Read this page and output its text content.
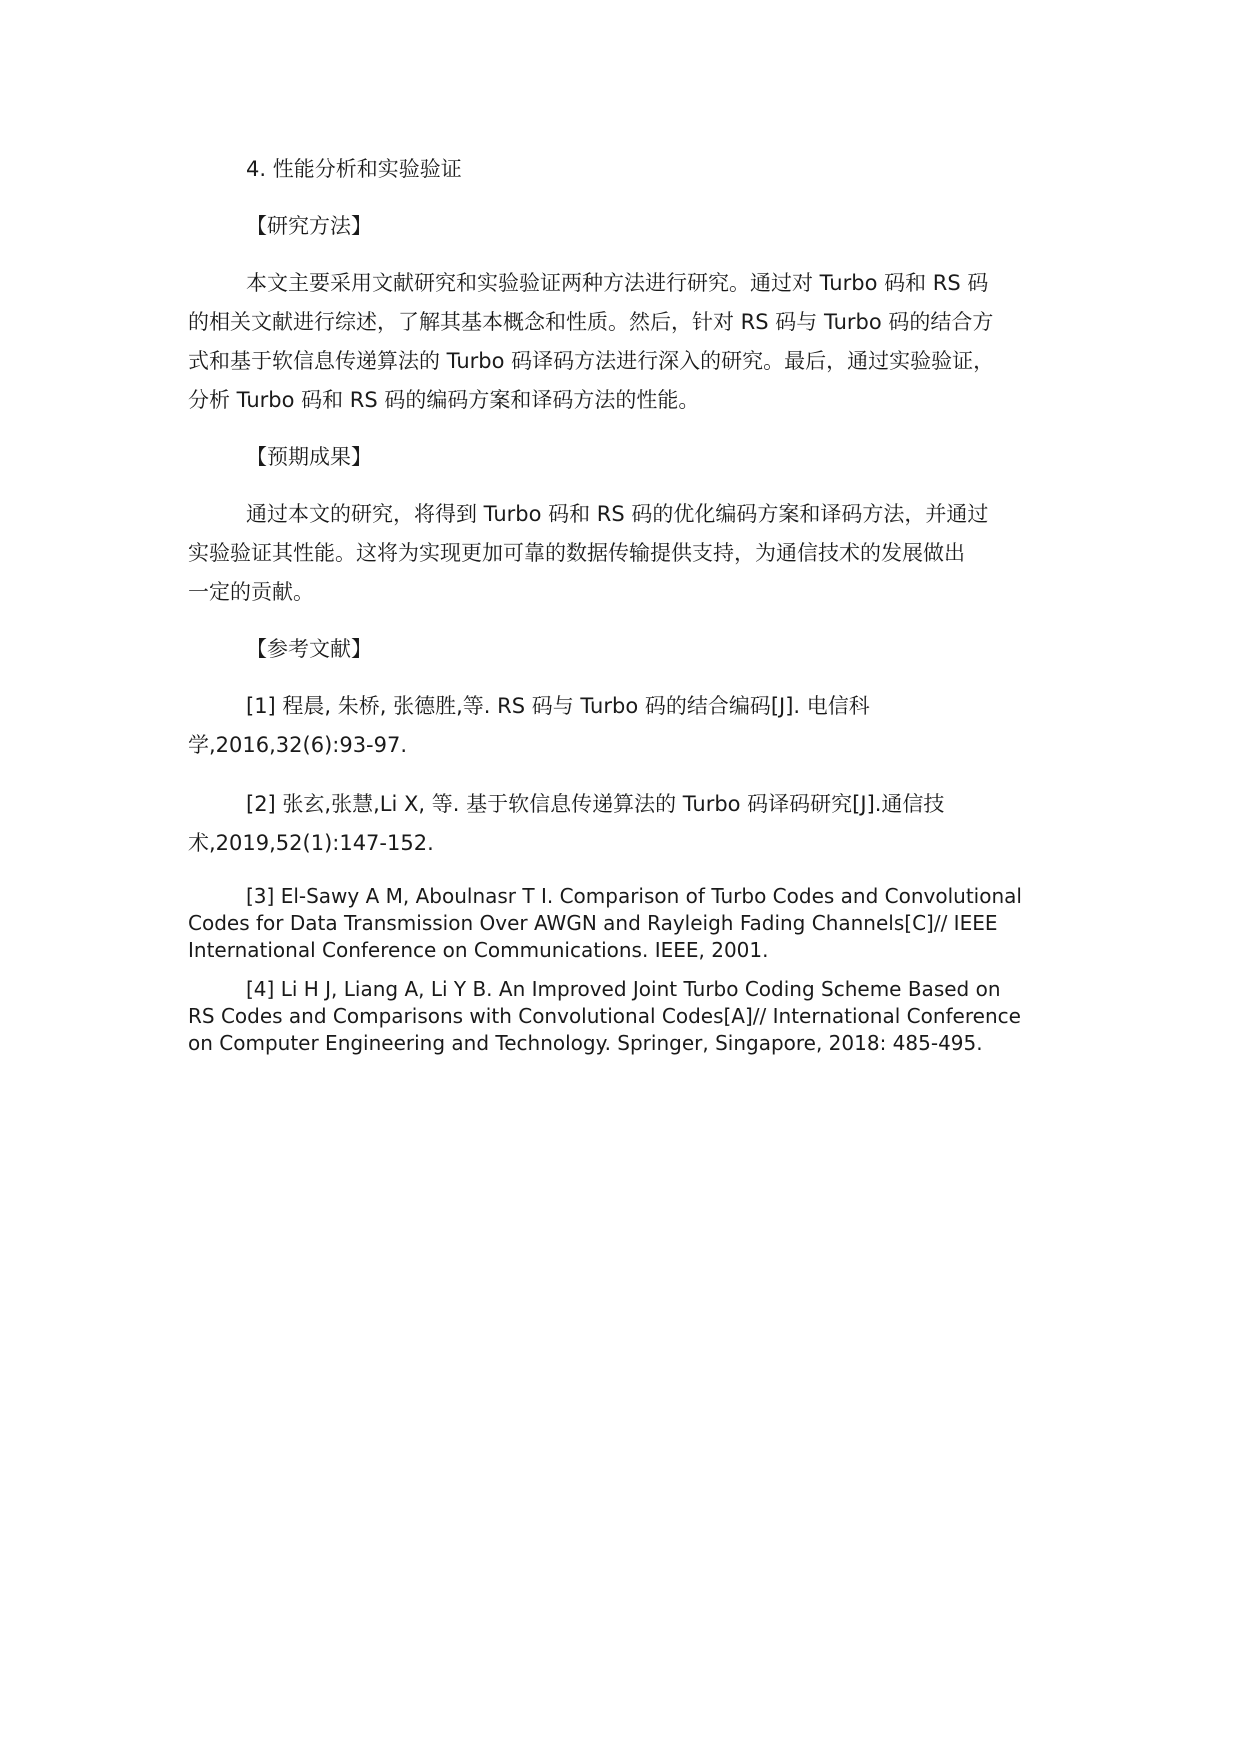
4. 性能分析和实验验证

【研究方法】

本文主要采用文献研究和实验验证两种方法进行研究。通过对 Turbo 码和 RS 码
的相关文献进行综述，了解其基本概念和性质。然后，针对 RS 码与 Turbo 码的结合方
式和基于软信息传递算法的 Turbo 码译码方法进行深入的研究。最后，通过实验验证，
分析 Turbo 码和 RS 码的编码方案和译码方法的性能。

【预期成果】

通过本文的研究，将得到 Turbo 码和 RS 码的优化编码方案和译码方法，并通过
实验验证其性能。这将为实现更加可靠的数据传输提供支持，为通信技术的发展做出
一定的贡献。

【参考文献】

[1] 程晨, 朱桥, 张德胜,等. RS 码与 Turbo 码的结合编码[J]. 电信科
学,2016,32(6):93-97.
[2] 张玄,张慧,Li X, 等. 基于软信息传递算法的 Turbo 码译码研究[J].通信技
术,2019,52(1):147-152.
[3] El-Sawy A M, Aboulnasr T I. Comparison of Turbo Codes and Convolutional
Codes for Data Transmission Over AWGN and Rayleigh Fading Channels[C]// IEEE
International Conference on Communications. IEEE, 2001.
[4] Li H J, Liang A, Li Y B. An Improved Joint Turbo Coding Scheme Based on
RS Codes and Comparisons with Convolutional Codes[A]// International Conference
on Computer Engineering and Technology. Springer, Singapore, 2018: 485-495.
